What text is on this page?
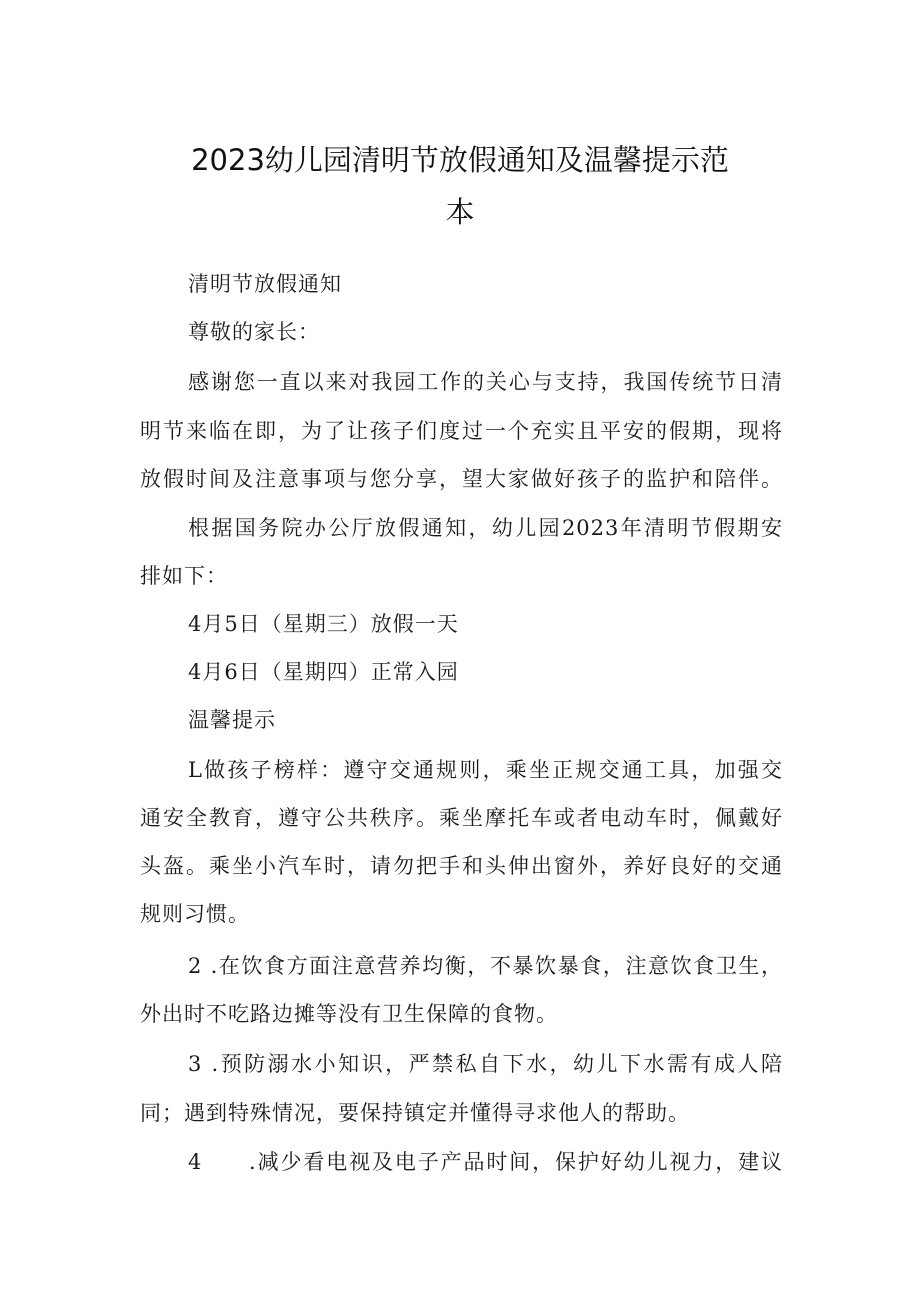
2023幼儿园清明节放假通知及温馨提示范
本
清明节放假通知
尊敬的家长：
感谢您一直以来对我园工作的关心与支持，我国传统节日清
明节来临在即，为了让孩子们度过一个充实且平安的假期，现将
放假时间及注意事项与您分享，望大家做好孩子的监护和陪伴。
根据国务院办公厅放假通知，幼儿园2023年清明节假期安
排如下：
4月5日（星期三）放假一天
4月6日（星期四）正常入园
温馨提示
L做孩子榜样：遵守交通规则，乘坐正规交通工具，加强交
通安全教育，遵守公共秩序。乘坐摩托车或者电动车时，佩戴好
头盔。乘坐小汽车时，请勿把手和头伸出窗外，养好良好的交通
规则习惯。
2 .在饮食方面注意营养均衡，不暴饮暴食，注意饮食卫生，
外出时不吃路边摊等没有卫生保障的食物。
3 .预防溺水小知识，严禁私自下水，幼儿下水需有成人陪
同；遇到特殊情况，要保持镇定并懂得寻求他人的帮助。
4　　.减少看电视及电子产品时间，保护好幼儿视力，建议
